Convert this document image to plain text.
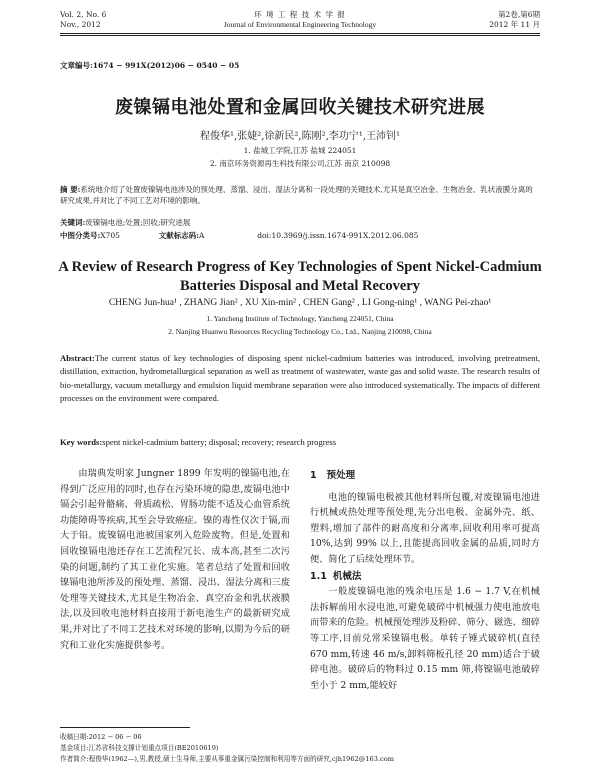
Vol. 2, No. 6
Nov., 2012
环 境 工 程 技 术 学 报
Journal of Environmental Engineering Technology
第2卷,第6期
2012 年 11 月
文章编号:1674 − 991X(2012)06 − 0540 − 05
废镍镉电池处置和金属回收关键技术研究进展
程俊华¹,张婕²,徐新民²,陈刚²,李功宁¹,王沛钊¹
1. 盐城工学院,江苏 盐城 224051
2. 南京环务资源再生科技有限公司,江苏 南京 210098
摘 要:系统地介绍了处置废镍镉电池涉及的预处理、蒸馏、浸出、湿法分离和一段处理的关键技术,尤其是真空冶金、生物冶金、乳状液膜分离的研究成果,并对比了不同工艺对环境的影响。
关键词:废镍镉电池;处置;回收;研究进展
中图分类号:X705	文献标志码:A	doi:10.3969/j.issn.1674-991X.2012.06.085
A Review of Research Progress of Key Technologies of Spent Nickel-Cadmium Batteries Disposal and Metal Recovery
CHENG Jun-hua¹ , ZHANG Jian² , XU Xin-min² , CHEN Gang² , LI Gong-ning¹ , WANG Pei-zhao¹
1. Yancheng Institute of Technology, Yancheng 224051, China
2. Nanjing Huanwu Resources Recycling Technology Co., Ltd., Nanjing 210098, China
Abstract:The current status of key technologies of disposing spent nickel-cadmium batteries was introduced, involving pretreatment, distillation, extraction, hydrometallurgical separation as well as treatment of wastewater, waste gas and solid waste. The research results of bio-metallurgy, vacuum metallurgy and emulsion liquid membrane separation were also introduced systematically. The impacts of different processes on the environment were compared.
Key words:spent nickel-cadmium battery; disposal; recovery; research progress

由瑞典发明家 Jungner 1899 年发明的镍镉电池,在得到广泛应用的同时,也存在污染环境的隐患,废镉电池中镉会引起骨骼痛、骨质疏松、胃肠功能不适及心血管系统功能障碍等疾病,其至会导致癌症。镍的毒性仅次于镉,而大于铅。废镍镉电池被国家列入危险废物。但是,处置和回收镍镉电池还存在工艺流程冗长、成本高,甚至二次污染的问题,制约了其工业化实施。笔者总结了处置和回收镍镉电池所涉及的预处理、蒸馏、浸出、湿法分离和三废处理等关键技术,尤其是生物冶金、真空冶金和乳状液膜法,以及回收电池材料直接用于新电池生产的最新研究成果,并对比了不同工艺技术对环境的影响,以期为今后的研究和工业化实施提供参考。

1 预处理

电池的镍镉电极被其他材料所包覆,对废镍镉电池进行机械或热处理等预处理,先分出电极、金属外壳、纸、塑料,增加了部件的耐高度和分离率,回收利用率可提高 10%,达到 99% 以上,且能提高回收金属的品质,同时方便、简化了后续处理环节。

1.1 机械法

一般废镍镉电池的残余电压是 1.6 − 1.7 V,在机械法拆解前用水浸电池,可避免破碎中机械强力使电池放电而带来的危险。机械预处理涉及粉碎、筛分、磁选、细碎等工序,目前兑常采镍镉电极。单转子锤式破碎机(直径 670 mm,转速 46 m/s,卸料筛板孔径 20 mm)适合于破碎电池。破碎后的物料过 0.15 mm 筛,将镍镉电池破碎至小于 2 mm,能较好

收稿日期:2012 − 06 − 06
基金项目:江苏省科技支撑计划重点项目(BE2010619)
作者简介:程俊华(1962—),男,教授,硕士生导师,主要从事重金属污染控制和利用等方面的研究,cjh1962@163.com
